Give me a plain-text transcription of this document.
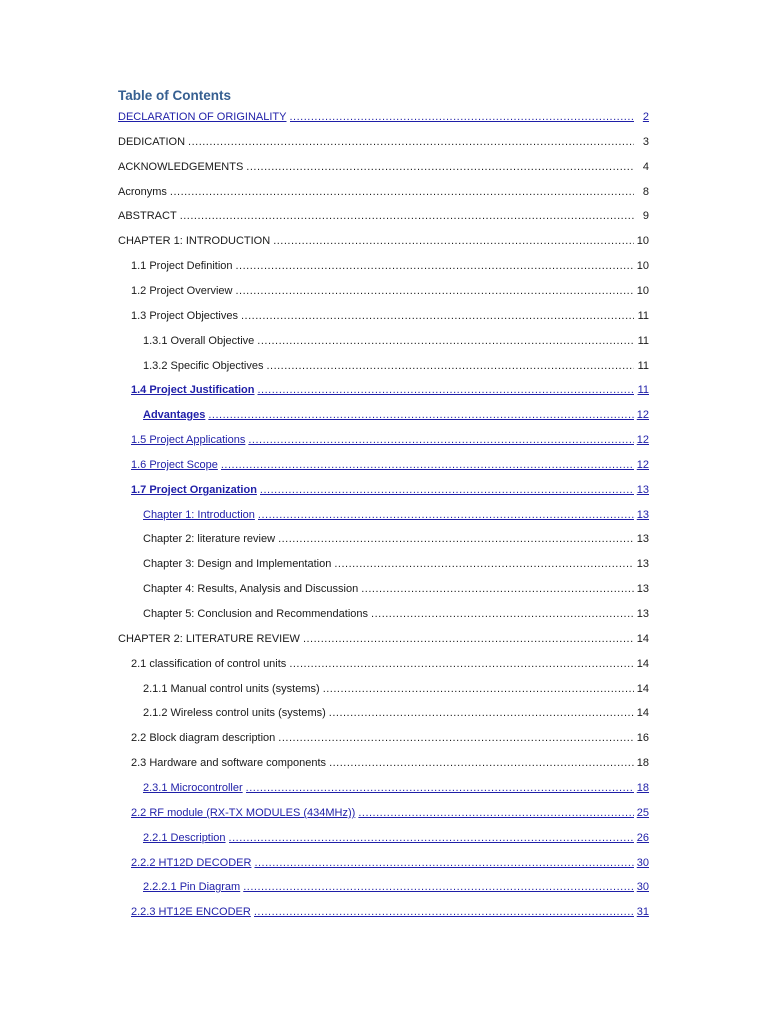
Table of Contents
DECLARATION OF ORIGINALITY .....	2
DEDICATION .....	3
ACKNOWLEDGEMENTS .....	4
Acronyms .....	8
ABSTRACT .....	9
CHAPTER 1: INTRODUCTION .....	10
1.1 Project Definition .....	10
1.2 Project Overview .....	10
1.3 Project Objectives .....	11
1.3.1 Overall Objective .....	11
1.3.2 Specific Objectives .....	11
1.4 Project Justification .....	11
Advantages .....	12
1.5 Project Applications .....	12
1.6 Project Scope .....	12
1.7 Project Organization .....	13
Chapter 1: Introduction .....	13
Chapter 2: literature review .....	13
Chapter 3: Design and Implementation .....	13
Chapter 4: Results, Analysis and Discussion .....	13
Chapter 5: Conclusion and Recommendations .....	13
CHAPTER 2: LITERATURE REVIEW .....	14
2.1 classification of control units .....	14
2.1.1 Manual control units (systems) .....	14
2.1.2 Wireless control units (systems) .....	14
2.2 Block diagram description .....	16
2.3 Hardware and software components .....	18
2.3.1 Microcontroller .....	18
2.2 RF module (RX-TX MODULES (434MHz)) .....	25
2.2.1 Description .....	26
2.2.2 HT12D DECODER .....	30
2.2.2.1 Pin Diagram .....	30
2.2.3 HT12E ENCODER .....	31
